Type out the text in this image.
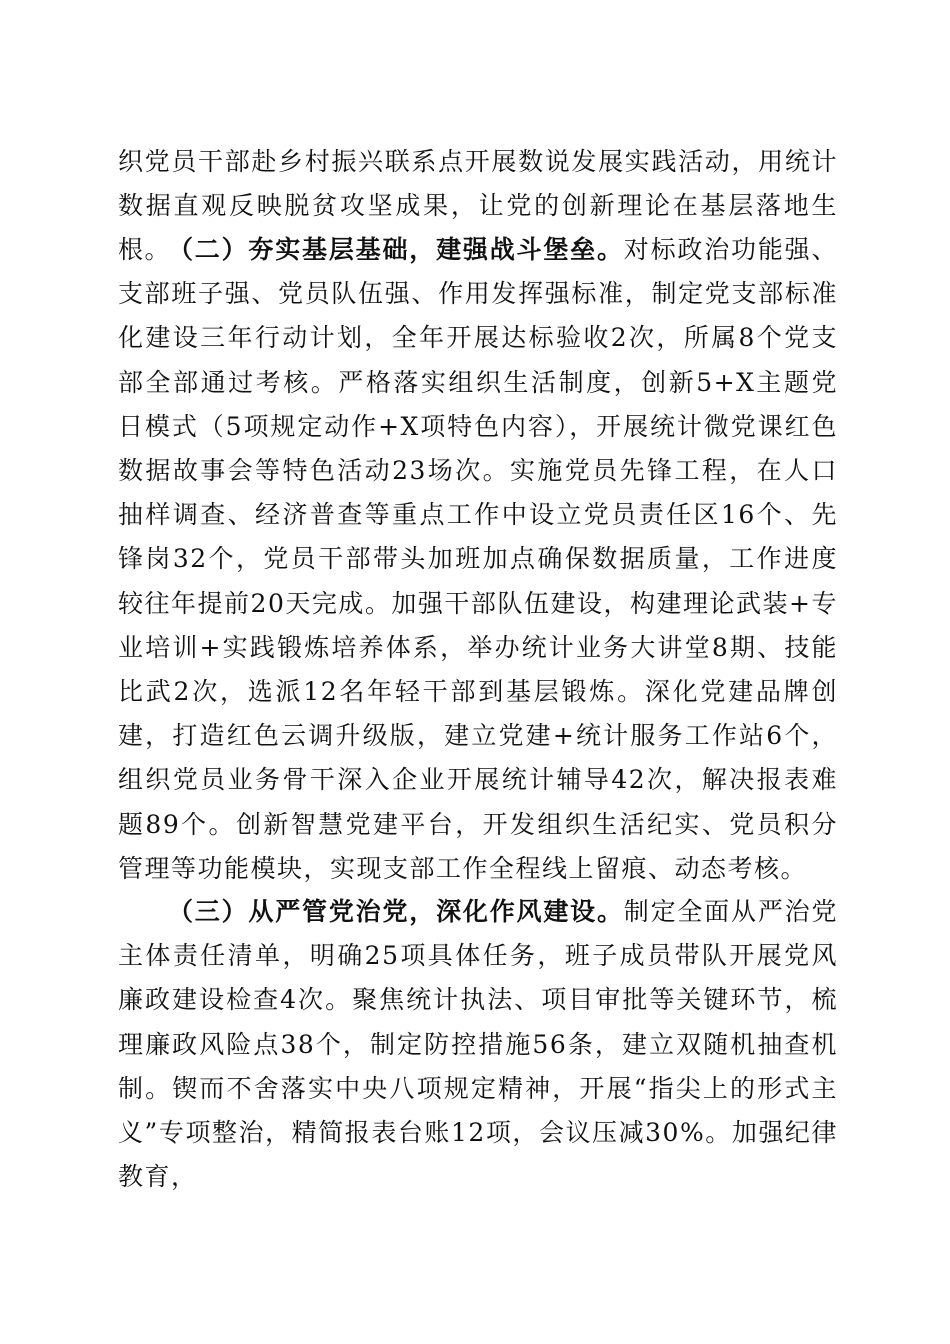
织党员干部赴乡村振兴联系点开展数说发展实践活动，用统计数据直观反映脱贫攻坚成果，让党的创新理论在基层落地生根。

（二）夯实基层基础，建强战斗堡垒。对标政治功能强、支部班子强、党员队伍强、作用发挥强标准，制定党支部标准化建设三年行动计划，全年开展达标验收2次，所属8个党支部全部通过考核。严格落实组织生活制度，创新5+X主题党日模式（5项规定动作+X项特色内容），开展统计微党课红色数据故事会等特色活动23场次。实施党员先锋工程，在人口抽样调查、经济普查等重点工作中设立党员责任区16个、先锋岗32个，党员干部带头加班加点确保数据质量，工作进度较往年提前20天完成。加强干部队伍建设，构建理论武装+专业培训+实践锻炼培养体系，举办统计业务大讲堂8期、技能比武2次，选派12名年轻干部到基层锻炼。深化党建品牌创建，打造红色云调升级版，建立党建+统计服务工作站6个，组织党员业务骨干深入企业开展统计辅导42次，解决报表难题89个。创新智慧党建平台，开发组织生活纪实、党员积分管理等功能模块，实现支部工作全程线上留痕、动态考核。

（三）从严管党治党，深化作风建设。制定全面从严治党主体责任清单，明确25项具体任务，班子成员带队开展党风廉政建设检查4次。聚焦统计执法、项目审批等关键环节，梳理廉政风险点38个，制定防控措施56条，建立双随机抽查机制。锲而不舍落实中央八项规定精神，开展“指尖上的形式主义”专项整治，精简报表台账12项，会议压减30%。加强纪律教育，
